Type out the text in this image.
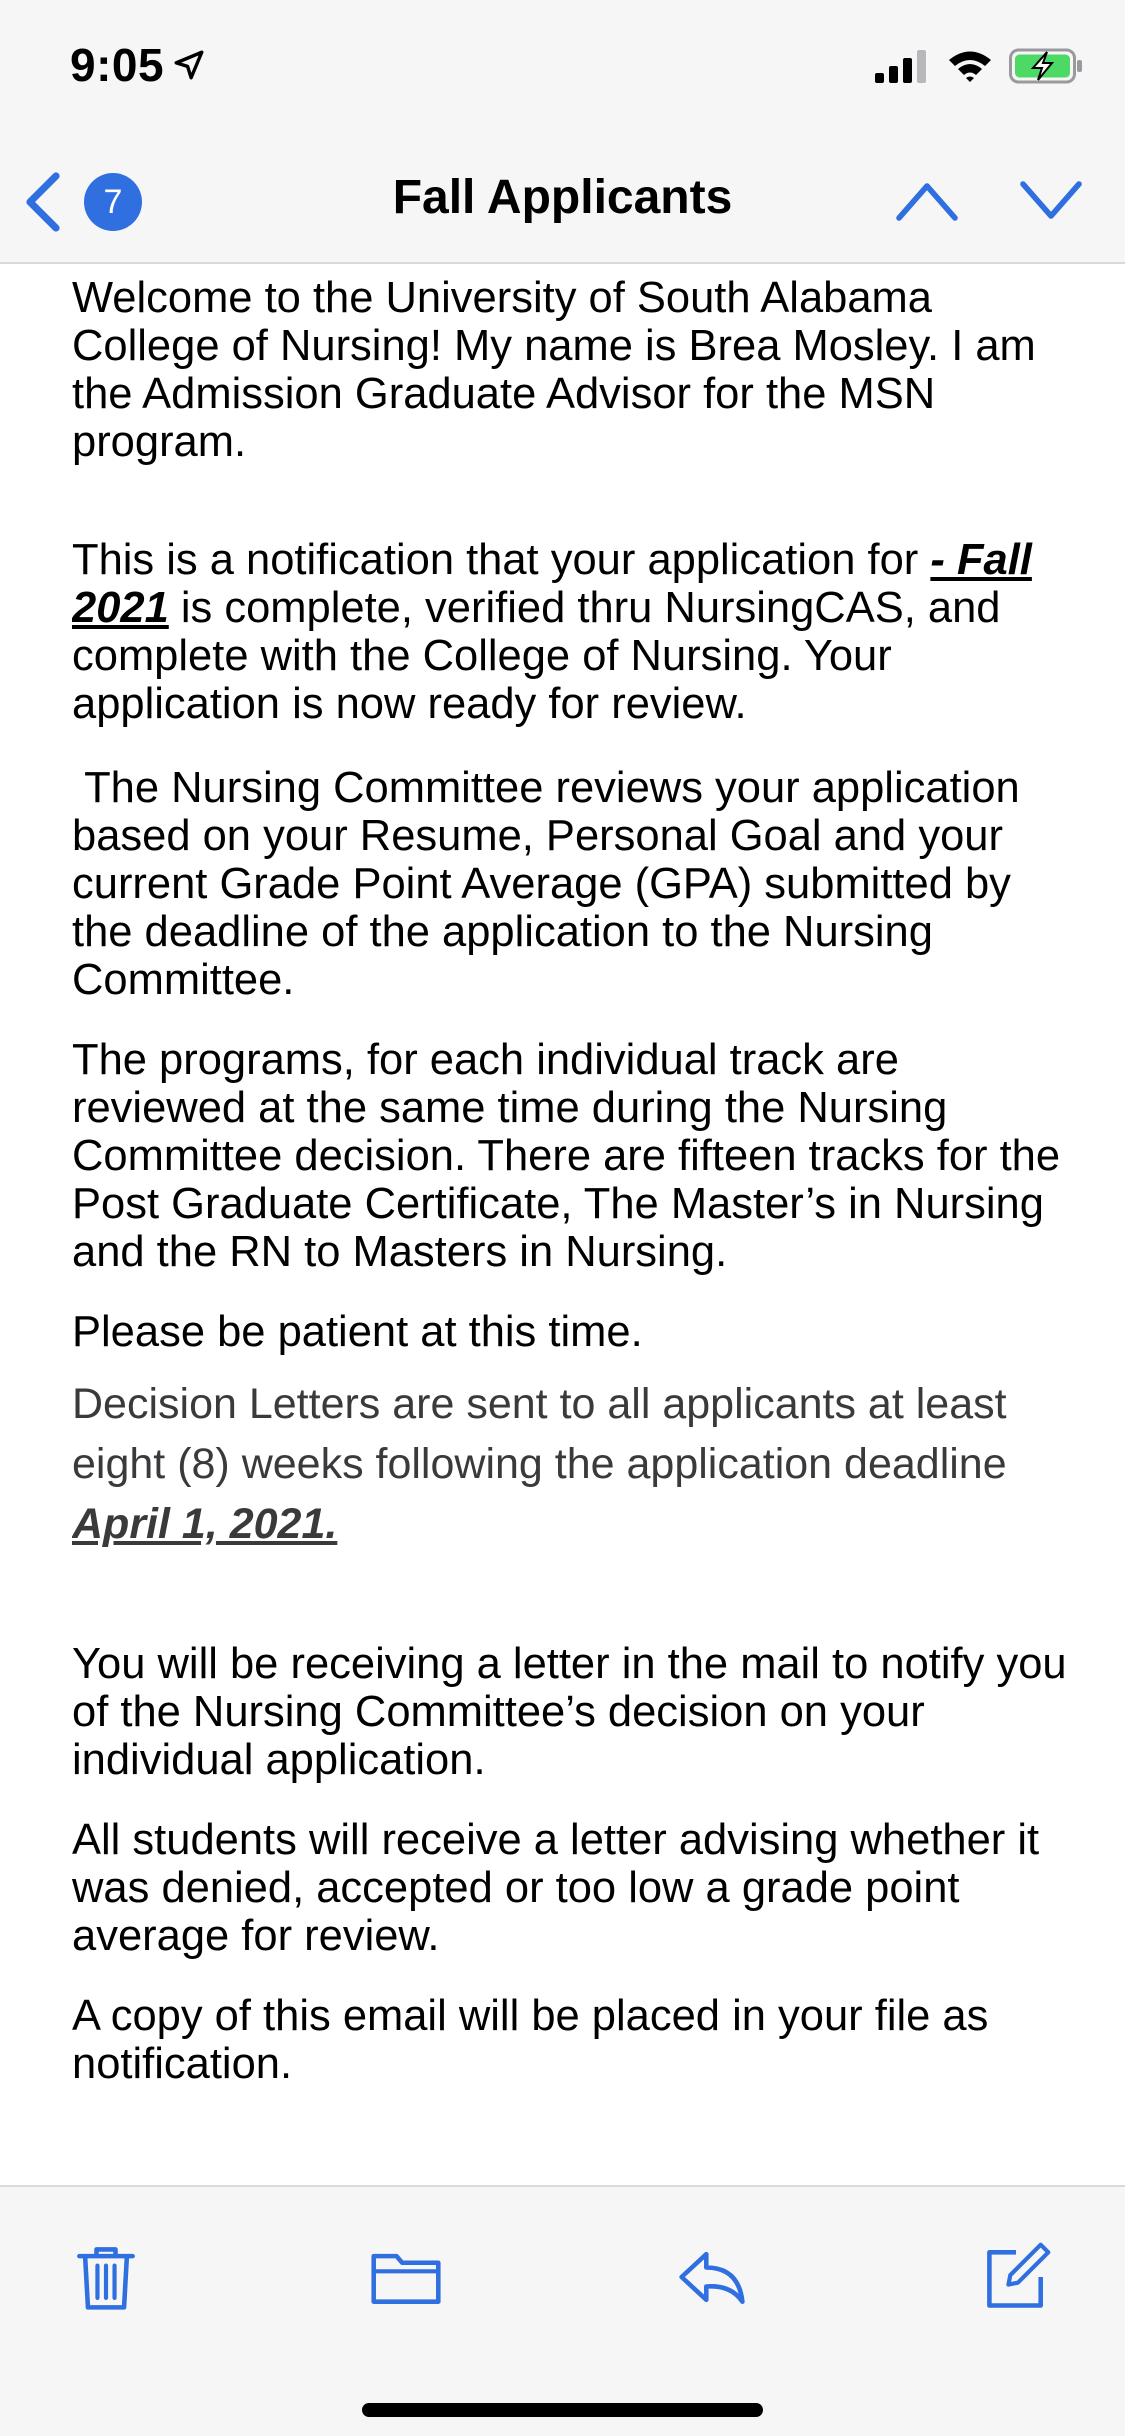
9:05
7	Fall Applicants

Welcome to the University of South Alabama College of Nursing! My name is Brea Mosley. I am the Admission Graduate Advisor for the MSN program.

This is a notification that your application for - Fall 2021 is complete, verified thru NursingCAS, and complete with the College of Nursing. Your application is now ready for review.

The Nursing Committee reviews your application based on your Resume, Personal Goal and your current Grade Point Average (GPA) submitted by the deadline of the application to the Nursing Committee.

The programs, for each individual track are reviewed at the same time during the Nursing Committee decision. There are fifteen tracks for the Post Graduate Certificate, The Master’s in Nursing and the RN to Masters in Nursing.

Please be patient at this time.

Decision Letters are sent to all applicants at least eight (8) weeks following the application deadline April 1, 2021.

You will be receiving a letter in the mail to notify you of the Nursing Committee’s decision on your individual application.

All students will receive a letter advising whether it was denied, accepted or too low a grade point average for review.

A copy of this email will be placed in your file as notification.
